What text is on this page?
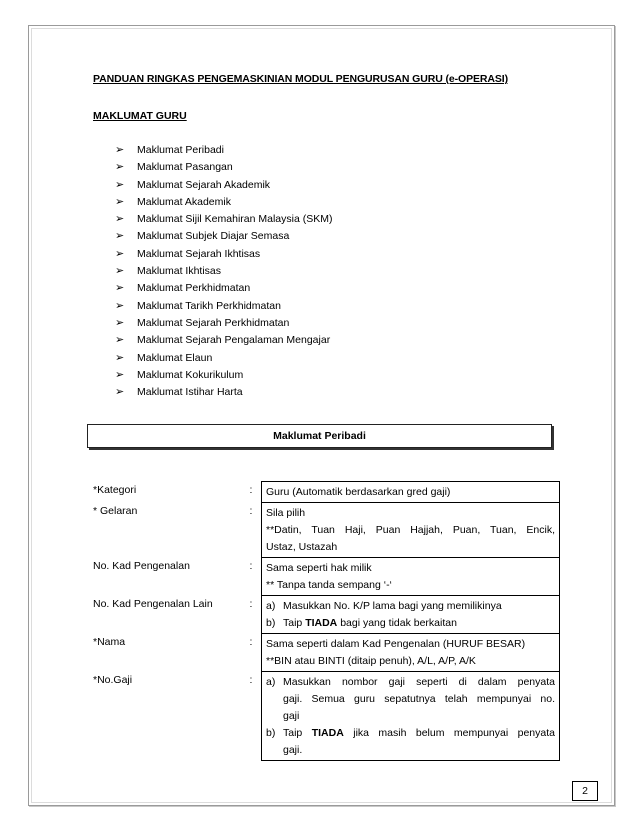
PANDUAN RINGKAS PENGEMASKINIAN MODUL PENGURUSAN GURU (e-OPERASI)
MAKLUMAT GURU
➢	Maklumat Peribadi
➢	Maklumat Pasangan
➢	Maklumat Sejarah Akademik
➢	Maklumat Akademik
➢	Maklumat Sijil Kemahiran Malaysia (SKM)
➢	Maklumat Subjek Diajar Semasa
➢	Maklumat Sejarah Ikhtisas
➢	Maklumat Ikhtisas
➢	Maklumat Perkhidmatan
➢	Maklumat Tarikh Perkhidmatan
➢	Maklumat Sejarah Perkhidmatan
➢	Maklumat Sejarah Pengalaman Mengajar
➢	Maklumat Elaun
➢	Maklumat Kokurikulum
➢	Maklumat Istihar Harta
Maklumat Peribadi
*Kategori	:	Guru (Automatik berdasarkan gred gaji)
* Gelaran	:	Sila pilih
**Datin, Tuan Haji, Puan Hajjah, Puan, Tuan, Encik,
Ustaz, Ustazah
No. Kad Pengenalan	:	Sama seperti hak milik
** Tanpa tanda sempang ‘-‘
No. Kad Pengenalan Lain	:	a) Masukkan No. K/P lama bagi yang memilikinya
b) Taip TIADA bagi yang tidak berkaitan
*Nama	:	Sama seperti dalam Kad Pengenalan (HURUF BESAR)
**BIN atau BINTI (ditaip penuh), A/L, A/P, A/K
*No.Gaji	:	a) Masukkan nombor gaji seperti di dalam penyata
gaji. Semua guru sepatutnya telah mempunyai no.
gaji
b) Taip TIADA jika masih belum mempunyai penyata
gaji.
2
